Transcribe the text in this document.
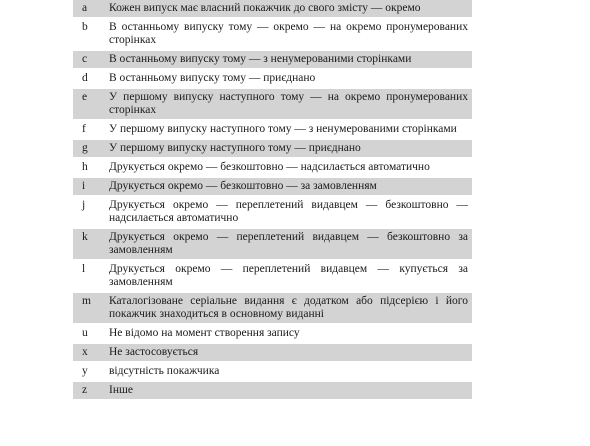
a	Кожен випуск має власний покажчик до свого змісту — окремо
b	В останньому випуску тому — окремо — на окремо пронумерованих сторінках
c	В останньому випуску тому — з ненумерованими сторінками
d	В останньому випуску тому — приєднано
e	У першому випуску наступного тому — на окремо пронумерованих сторінках
f	У першому випуску наступного тому — з ненумерованими сторінками
g	У першому випуску наступного тому — приєднано
h	Друкується окремо — безкоштовно — надсилається автоматично
i	Друкується окремо — безкоштовно — за замовленням
j	Друкується окремо — переплетений видавцем — безкоштовно — надсилається автоматично
k	Друкується окремо — переплетений видавцем — безкоштовно за замовленням
l	Друкується окремо — переплетений видавцем — купується за замовленням
m	Каталогізоване серіальне видання є додатком або підсерією і його покажчик знаходиться в основному виданні
u	Не відомо на момент створення запису
x	Не застосовується
y	відсутність покажчика
z	Інше
